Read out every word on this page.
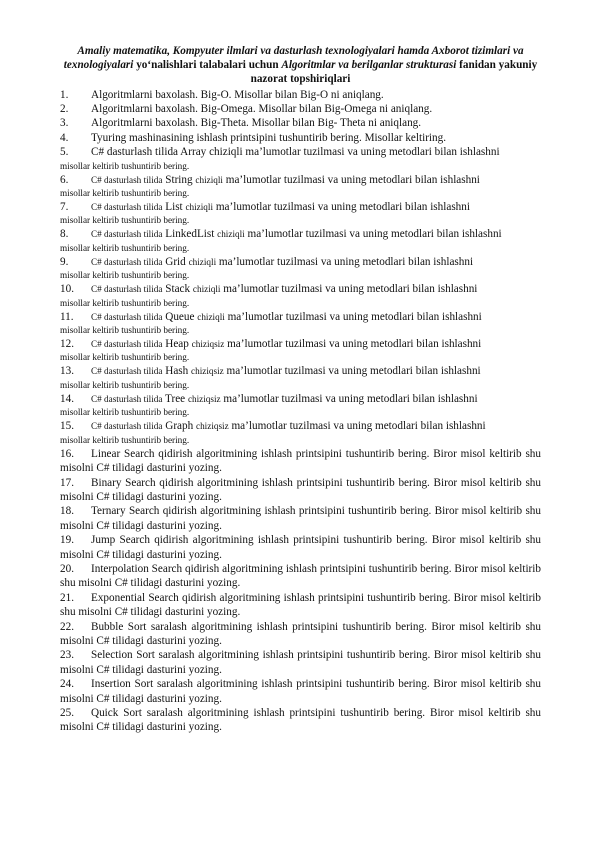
Amaliy matematika, Kompyuter ilmlari va dasturlash texnologiyalari hamda Axborot tizimlari va texnologiyalari yo‘nalishlari talabalari uchun Algoritmlar va berilganlar strukturasi fanidan yakuniy nazorat topshiriqlari
1. Algoritmlarni baxolash. Big-O. Misollar bilan Big-O ni aniqlang.
2. Algoritmlarni baxolash. Big-Omega. Misollar bilan Big-Omega ni aniqlang.
3. Algoritmlarni baxolash. Big-Theta. Misollar bilan Big- Theta ni aniqlang.
4. Tyuring mashinasining ishlash printsipini tushuntirib bering. Misollar keltiring.
5. C# dasturlash tilida Array chiziqli ma’lumotlar tuzilmasi va uning metodlari bilan ishlashni
misollar keltirib tushuntirib bering.
6. C# dasturlash tilida String chiziqli ma’lumotlar tuzilmasi va uning metodlari bilan ishlashni
misollar keltirib tushuntirib bering.
7. C# dasturlash tilida List chiziqli ma’lumotlar tuzilmasi va uning metodlari bilan ishlashni
misollar keltirib tushuntirib bering.
8. C# dasturlash tilida LinkedList chiziqli ma’lumotlar tuzilmasi va uning metodlari bilan ishlashni
misollar keltirib tushuntirib bering.
9. C# dasturlash tilida Grid chiziqli ma’lumotlar tuzilmasi va uning metodlari bilan ishlashni
misollar keltirib tushuntirib bering.
10. C# dasturlash tilida Stack chiziqli ma’lumotlar tuzilmasi va uning metodlari bilan ishlashni
misollar keltirib tushuntirib bering.
11. C# dasturlash tilida Queue chiziqli ma’lumotlar tuzilmasi va uning metodlari bilan ishlashni
misollar keltirib tushuntirib bering.
12. C# dasturlash tilida Heap chiziqsiz ma’lumotlar tuzilmasi va uning metodlari bilan ishlashni
misollar keltirib tushuntirib bering.
13. C# dasturlash tilida Hash chiziqsiz ma’lumotlar tuzilmasi va uning metodlari bilan ishlashni
misollar keltirib tushuntirib bering.
14. C# dasturlash tilida Tree chiziqsiz ma’lumotlar tuzilmasi va uning metodlari bilan ishlashni
misollar keltirib tushuntirib bering.
15. C# dasturlash tilida Graph chiziqsiz ma’lumotlar tuzilmasi va uning metodlari bilan ishlashni
misollar keltirib tushuntirib bering.
16. Linear Search qidirish algoritmining ishlash printsipini tushuntirib bering. Biror misol keltirib shu misolni C# tilidagi dasturini yozing.
17. Binary Search qidirish algoritmining ishlash printsipini tushuntirib bering. Biror misol keltirib shu misolni C# tilidagi dasturini yozing.
18. Ternary Search qidirish algoritmining ishlash printsipini tushuntirib bering. Biror misol keltirib shu misolni C# tilidagi dasturini yozing.
19. Jump Search qidirish algoritmining ishlash printsipini tushuntirib bering. Biror misol keltirib shu misolni C# tilidagi dasturini yozing.
20. Interpolation Search qidirish algoritmining ishlash printsipini tushuntirib bering. Biror misol keltirib shu misolni C# tilidagi dasturini yozing.
21. Exponential Search qidirish algoritmining ishlash printsipini tushuntirib bering. Biror misol keltirib shu misolni C# tilidagi dasturini yozing.
22. Bubble Sort saralash algoritmining ishlash printsipini tushuntirib bering. Biror misol keltirib shu misolni C# tilidagi dasturini yozing.
23. Selection Sort saralash algoritmining ishlash printsipini tushuntirib bering. Biror misol keltirib shu misolni C# tilidagi dasturini yozing.
24. Insertion Sort saralash algoritmining ishlash printsipini tushuntirib bering. Biror misol keltirib shu misolni C# tilidagi dasturini yozing.
25. Quick Sort saralash algoritmining ishlash printsipini tushuntirib bering. Biror misol keltirib shu misolni C# tilidagi dasturini yozing.
